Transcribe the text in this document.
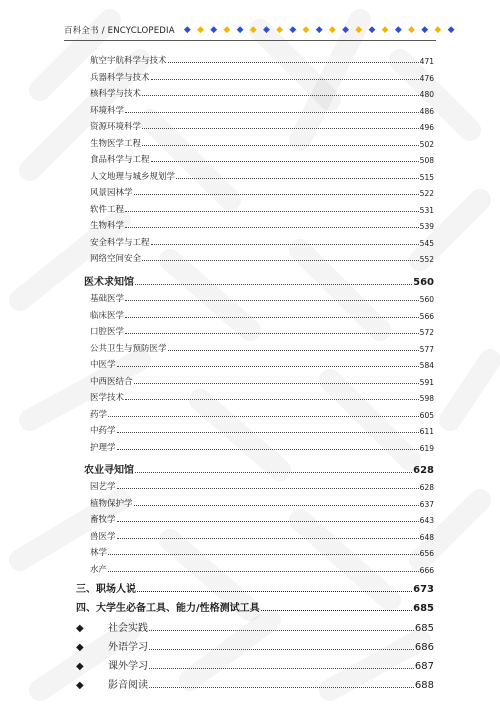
百科全书 / ENCYCLOPEDIA	◆ ◆ ◆ ◆ ◆ ◆ ◆ ◆ ◆ ◆ ◆ ◆ ◆ ◆ ◆ ◆ ◆ ◆ ◆ ◆ ◆
航空宇航科学与技术	471
兵器科学与技术	476
核科学与技术	480
环境科学	486
资源环境科学	496
生物医学工程	502
食品科学与工程	508
人文地理与城乡规划学	515
风景园林学	522
软件工程	531
生物科学	539
安全科学与工程	545
网络空间安全	552
医术求知馆	560
基础医学	560
临床医学	566
口腔医学	572
公共卫生与预防医学	577
中医学	584
中西医结合	591
医学技术	598
药学	605
中药学	611
护理学	619
农业寻知馆	628
园艺学	628
植物保护学	637
畜牧学	643
兽医学	648
林学	656
水产	666
三、职场人说	673
四、大学生必备工具、能力/性格测试工具	685
◆	社会实践	685
◆	外语学习	686
◆	课外学习	687
◆	影音阅读	688
